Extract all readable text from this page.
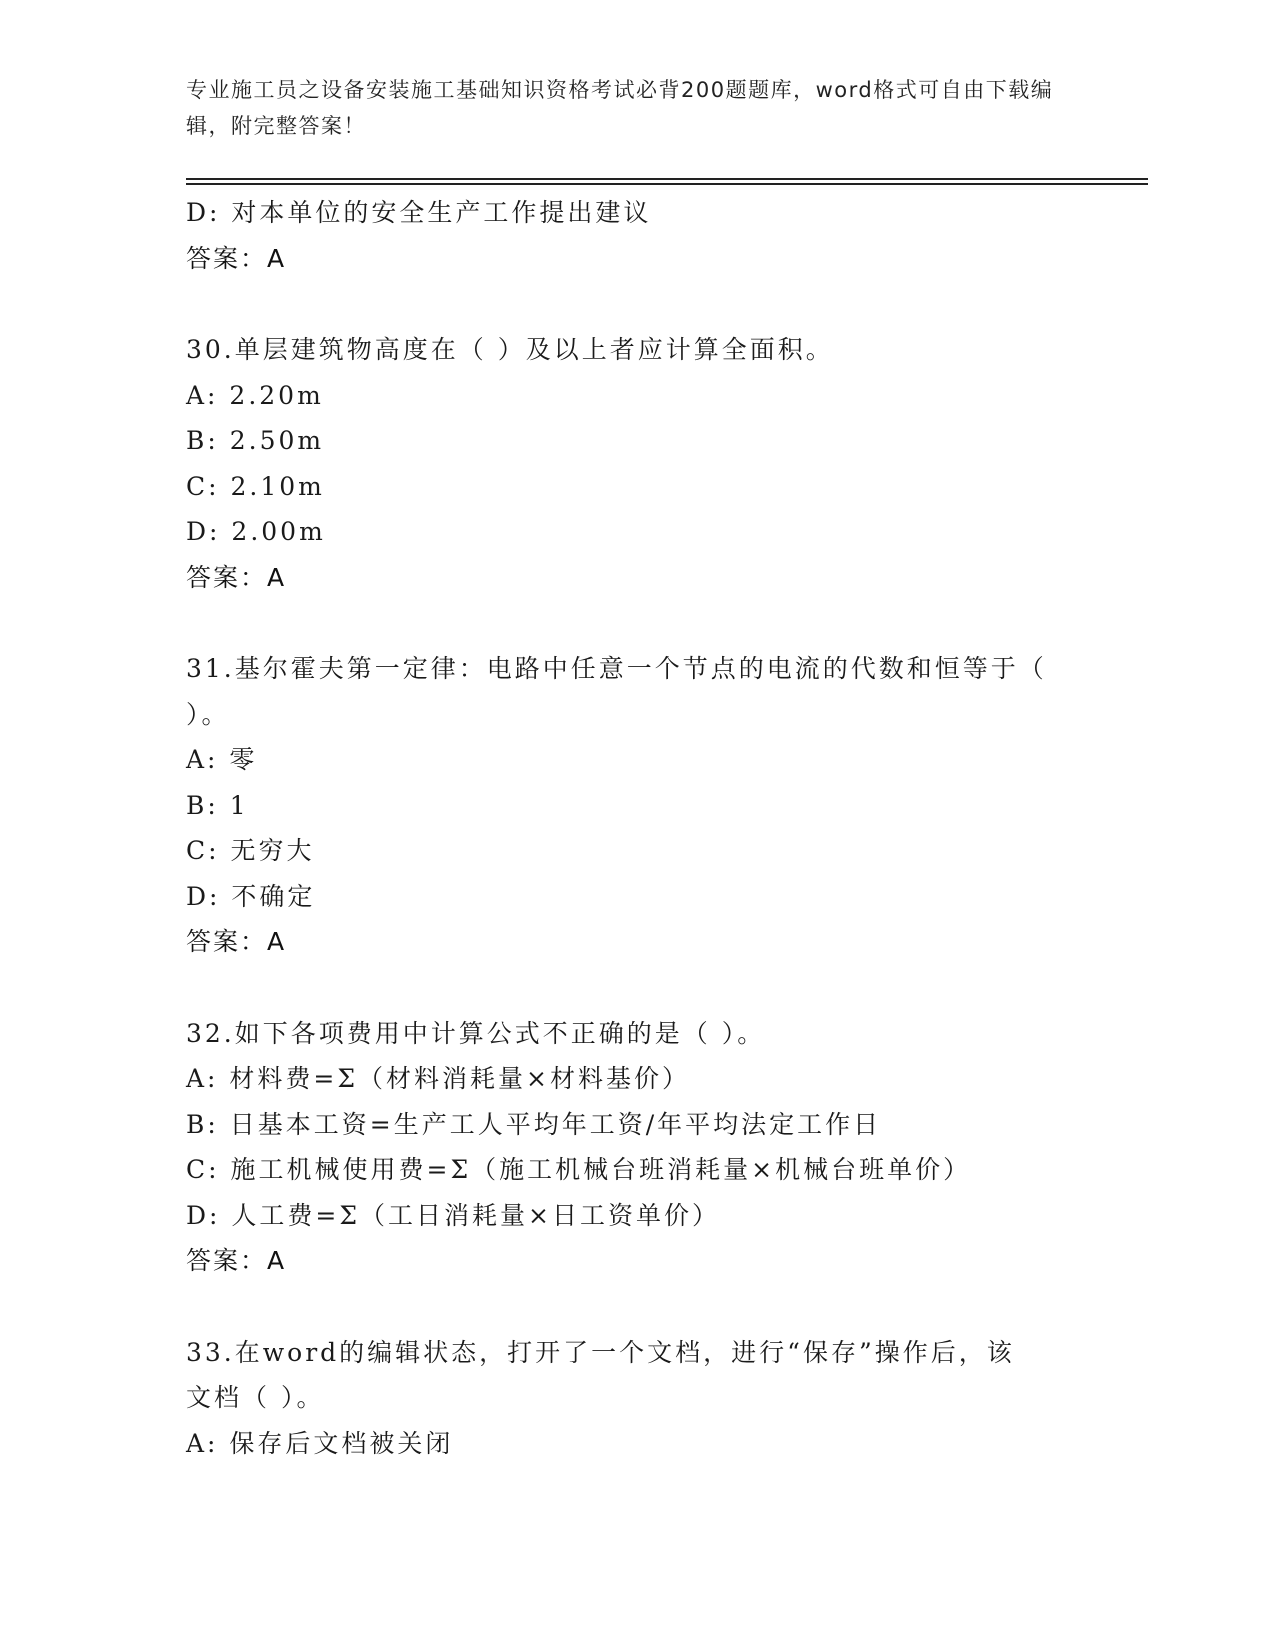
专业施工员之设备安装施工基础知识资格考试必背200题题库，word格式可自由下载编辑，附完整答案！
D: 对本单位的安全生产工作提出建议
答案：A
30.单层建筑物高度在（ ）及以上者应计算全面积。
A: 2.20m
B: 2.50m
C: 2.10m
D: 2.00m
答案：A
31.基尔霍夫第一定律：电路中任意一个节点的电流的代数和恒等于（
）。
A: 零
B: 1
C: 无穷大
D: 不确定
答案：A
32.如下各项费用中计算公式不正确的是（ ）。
A: 材料费=Σ（材料消耗量×材料基价）
B: 日基本工资=生产工人平均年工资/年平均法定工作日
C: 施工机械使用费=Σ（施工机械台班消耗量×机械台班单价）
D: 人工费=Σ（工日消耗量×日工资单价）
答案：A
33.在word的编辑状态，打开了一个文档，进行“保存”操作后，该
文档（ ）。
A: 保存后文档被关闭
